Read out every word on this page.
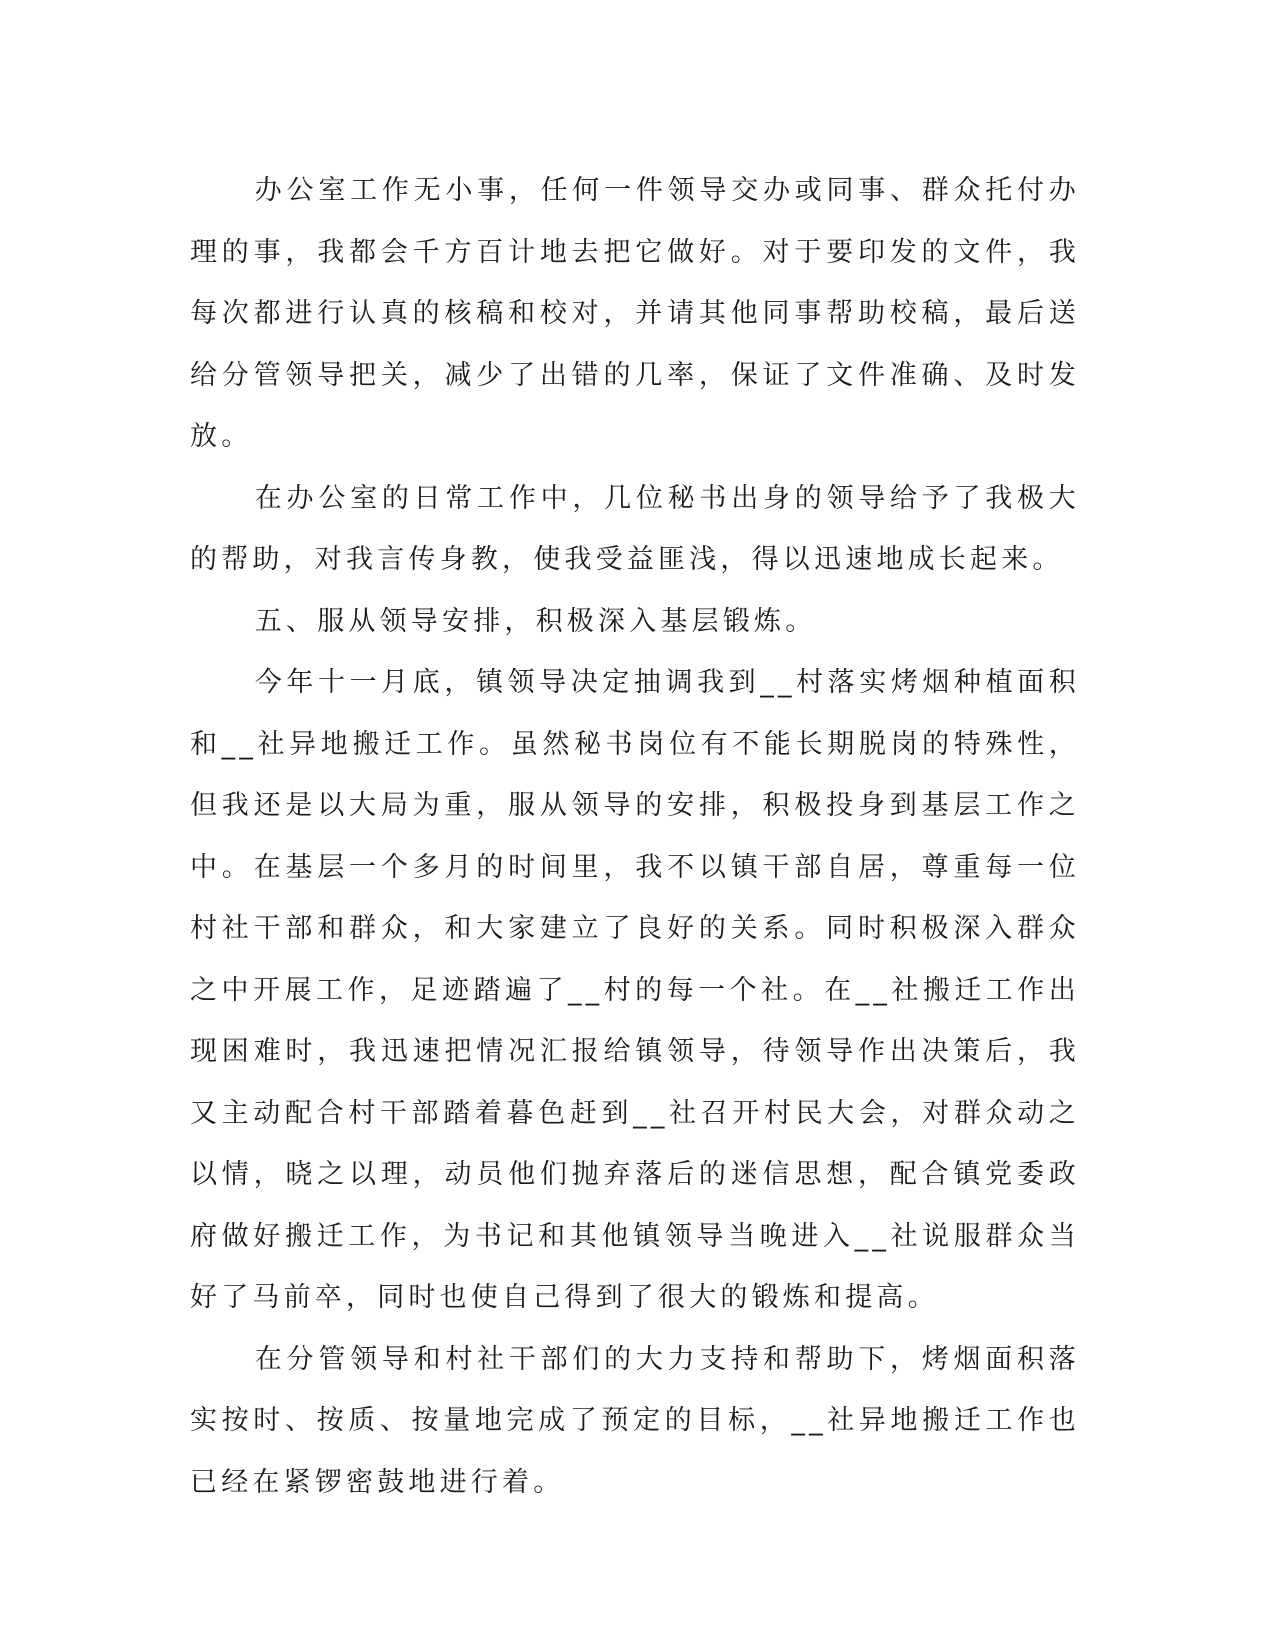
办公室工作无小事，任何一件领导交办或同事、群众托付办理的事，我都会千方百计地去把它做好。对于要印发的文件，我每次都进行认真的核稿和校对，并请其他同事帮助校稿，最后送给分管领导把关，减少了出错的几率，保证了文件准确、及时发放。

在办公室的日常工作中，几位秘书出身的领导给予了我极大的帮助，对我言传身教，使我受益匪浅，得以迅速地成长起来。

五、服从领导安排，积极深入基层锻炼。

今年十一月底，镇领导决定抽调我到__村落实烤烟种植面积和__社异地搬迁工作。虽然秘书岗位有不能长期脱岗的特殊性，但我还是以大局为重，服从领导的安排，积极投身到基层工作之中。在基层一个多月的时间里，我不以镇干部自居，尊重每一位村社干部和群众，和大家建立了良好的关系。同时积极深入群众之中开展工作，足迹踏遍了__村的每一个社。在__社搬迁工作出现困难时，我迅速把情况汇报给镇领导，待领导作出决策后，我又主动配合村干部踏着暮色赶到__社召开村民大会，对群众动之以情，晓之以理，动员他们抛弃落后的迷信思想，配合镇党委政府做好搬迁工作，为书记和其他镇领导当晚进入__社说服群众当好了马前卒，同时也使自己得到了很大的锻炼和提高。

在分管领导和村社干部们的大力支持和帮助下，烤烟面积落实按时、按质、按量地完成了预定的目标，__社异地搬迁工作也已经在紧锣密鼓地进行着。
